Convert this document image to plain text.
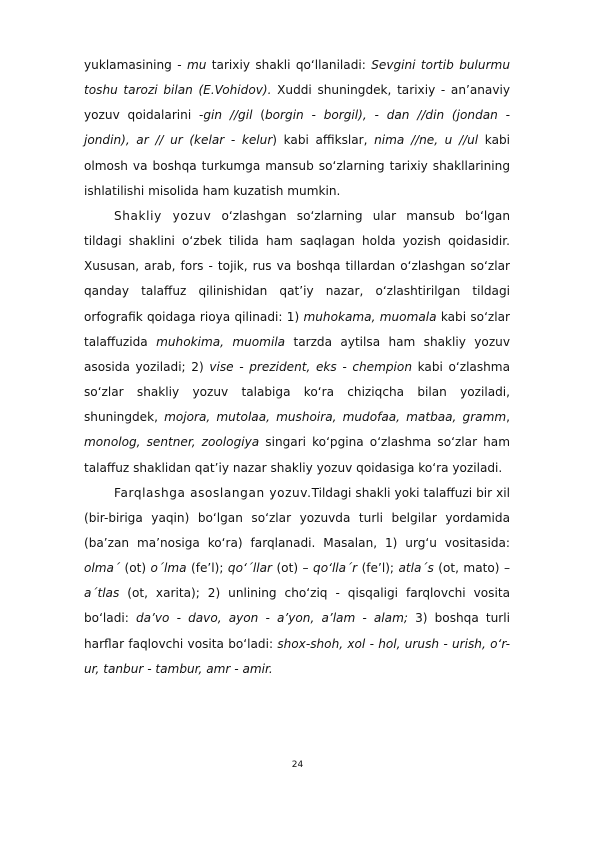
yuklamasining - mu tarixiy shakli qo‘llaniladi: Sevgini tortib bulurmu toshu tarozi bilan (E.Vohidov). Xuddi shuningdek, tarixiy - an’anaviy yozuv qoidalarini -gin //gil (borgin - borgil), - dan //din (jondan - jondin), ar // ur (kelar - kelur) kabi affikslar, nima //ne, u //ul kabi olmosh va boshqa turkumga mansub so‘zlarning tarixiy shakllarining ishlatilishi misolida ham kuzatish mumkin.

Shakliy yozuv o‘zlashgan so‘zlarning ular mansub bo‘lgan tildagi shaklini o‘zbek tilida ham saqlagan holda yozish qoidasidir. Xususan, arab, fors - tojik, rus va boshqa tillardan o‘zlashgan so‘zlar qanday talaffuz qilinishidan qat’iy nazar, o‘zlashtirilgan tildagi orfografik qoidaga rioya qilinadi: 1) muhokama, muomala kabi so‘zlar talaffuzida muhokima, muomila tarzda aytilsa ham shakliy yozuv asosida yoziladi; 2) vise - prezident, eks - chempion kabi o‘zlashma so‘zlar shakliy yozuv talabiga ko‘ra chiziqcha bilan yoziladi, shuningdek, mojora, mutolaa, mushoira, mudofaa, matbaa, gramm, monolog, sentner, zoologiya singari ko‘pgina o‘zlashma so‘zlar ham talaffuz shaklidan qat’iy nazar shakliy yozuv qoidasiga ko‘ra yoziladi.

Farqlashga asoslangan yozuv.Tildagi shakli yoki talaffuzi bir xil (bir-biriga yaqin) bo‘lgan so‘zlar yozuvda turli belgilar yordamida (ba’zan ma’nosiga ko‘ra) farqlanadi. Masalan, 1) urg‘u vositasida: olma´ (ot) o´lma (fe’l); qo‘´llar (ot) – qo‘lla´r (fe’l); atla´s (ot, mato) – a´tlas (ot, xarita); 2) unlining cho‘ziq - qisqaligi farqlovchi vosita bo‘ladi: da’vo - davo, ayon - a’yon, a’lam - alam; 3) boshqa turli harflar faqlovchi vosita bo‘ladi: shox-shoh, xol - hol, urush - urish, o‘r-ur, tanbur - tambur, amr - amir.

24
